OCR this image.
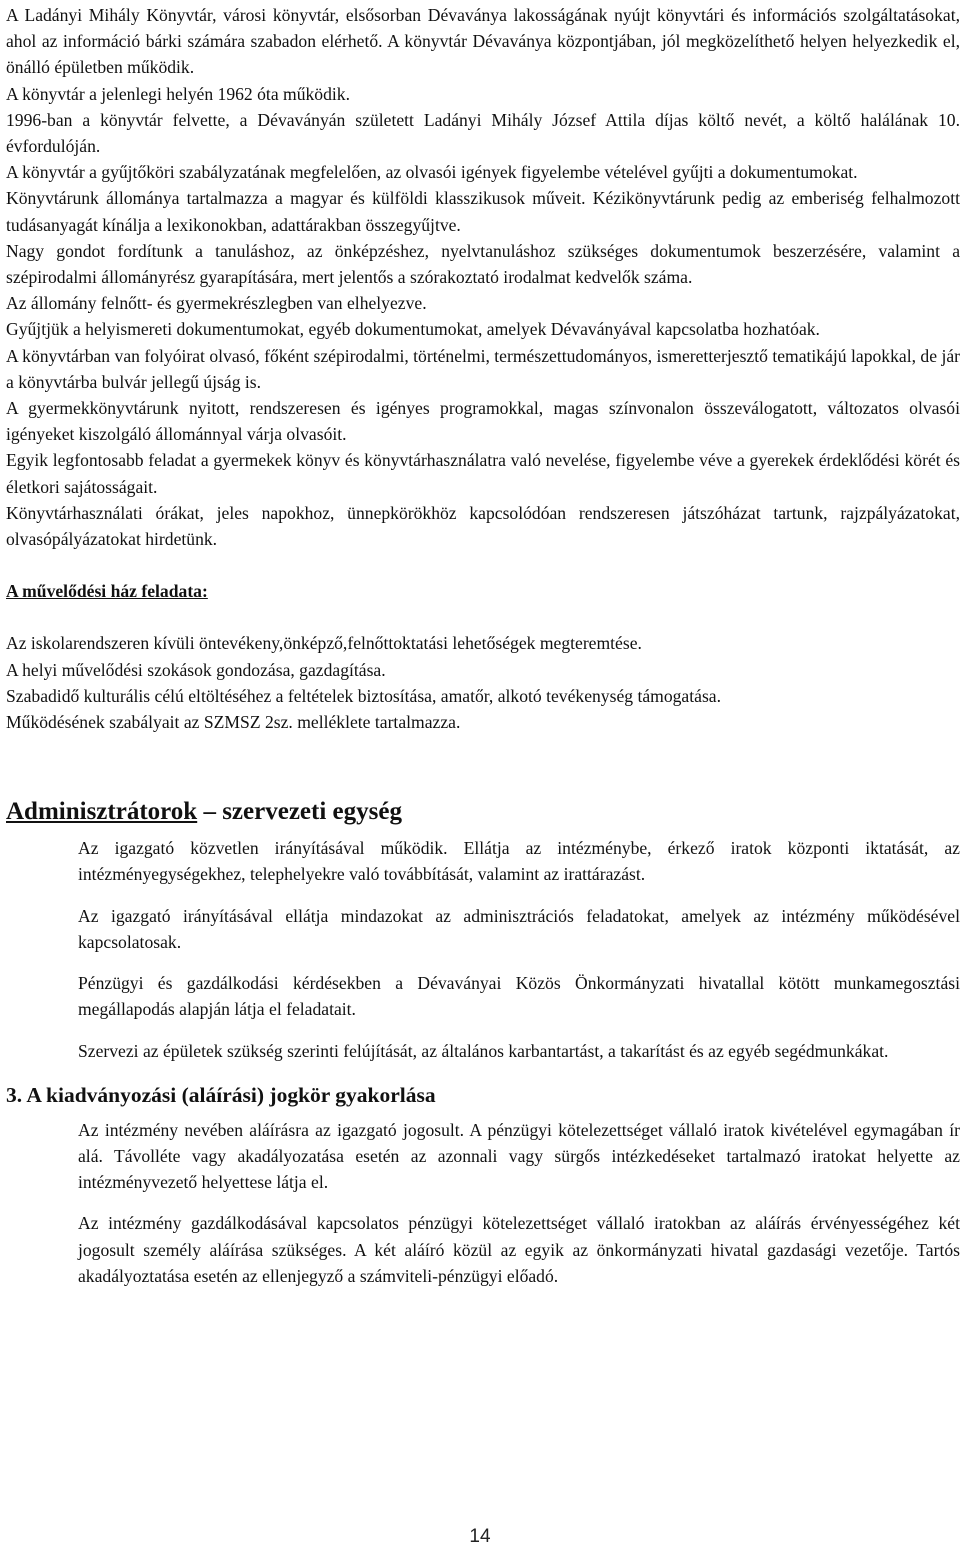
A Ladányi Mihály Könyvtár, városi könyvtár, elsősorban Dévaványa lakosságának nyújt könyvtári és információs szolgáltatásokat, ahol az információ bárki számára szabadon elérhető. A könyvtár Dévaványa központjában, jól megközelíthető helyen helyezkedik el, önálló épületben működik.

A könyvtár a jelenlegi helyén 1962 óta működik.

1996-ban a könyvtár felvette, a Dévaványán született Ladányi Mihály József Attila díjas költő nevét, a költő halálának 10. évfordulóján.

A könyvtár a gyűjtőköri szabályzatának megfelelően, az olvasói igények figyelembe vételével gyűjti a dokumentumokat.

Könyvtárunk állománya tartalmazza a magyar és külföldi klasszikusok műveit. Kézikönyvtárunk pedig az emberiség felhalmozott tudásanyagát kínálja a lexikonokban, adattárakban összegyűjtve.

Nagy gondot fordítunk a tanuláshoz, az önképzéshez, nyelvtanuláshoz szükséges dokumentumok beszerzésére, valamint a szépirodalmi állományrész gyarapítására, mert jelentős a szórakoztató irodalmat kedvelők száma.

Az állomány felnőtt- és gyermekrészlegben van elhelyezve.

Gyűjtjük a helyismereti dokumentumokat, egyéb dokumentumokat, amelyek Dévaványával kapcsolatba hozhatóak.

A könyvtárban van folyóirat olvasó, főként szépirodalmi, történelmi, természettudományos, ismeretterjesztő tematikájú lapokkal, de jár a könyvtárba bulvár jellegű újság is.

A gyermekkönyvtárunk nyitott, rendszeresen és igényes programokkal, magas színvonalon összeválogatott, változatos olvasói igényeket kiszolgáló állománnyal várja olvasóit.

Egyik legfontosabb feladat a gyermekek könyv és könyvtárhasználatra való nevelése, figyelembe véve a gyerekek érdeklődési körét és életkori sajátosságait.

Könyvtárhasználati órákat, jeles napokhoz, ünnepkörökhöz kapcsolódóan rendszeresen játszóházat tartunk, rajzpályázatokat, olvasópályázatokat hirdetünk.

A művelődési ház feladata:

Az iskolarendszeren kívüli öntevékeny,önképző,felnőttoktatási lehetőségek megteremtése.

A helyi művelődési szokások gondozása, gazdagítása.

Szabadidő kulturális célú eltöltéséhez a feltételek biztosítása, amatőr, alkotó tevékenység támogatása.

Működésének szabályait az SZMSZ 2sz. melléklete tartalmazza.

Adminisztrátorok – szervezeti egység

Az igazgató közvetlen irányításával működik. Ellátja az intézménybe, érkező iratok központi iktatását, az intézményegységekhez, telephelyekre való továbbítását, valamint az irattárazást.

Az igazgató irányításával ellátja mindazokat az adminisztrációs feladatokat, amelyek az intézmény működésével kapcsolatosak.

Pénzügyi és gazdálkodási kérdésekben a Dévaványai Közös Önkormányzati hivatallal kötött munkamegosztási megállapodás alapján látja el feladatait.

Szervezi az épületek szükség szerinti felújítását, az általános karbantartást, a takarítást és az egyéb segédmunkákat.

3. A kiadványozási (aláírási) jogkör gyakorlása

Az intézmény nevében aláírásra az igazgató jogosult. A pénzügyi kötelezettséget vállaló iratok kivételével egymagában ír alá. Távolléte vagy akadályozatása esetén az azonnali vagy sürgős intézkedéseket tartalmazó iratokat helyette az intézményvezető helyettese látja el.

Az intézmény gazdálkodásával kapcsolatos pénzügyi kötelezettséget vállaló iratokban az aláírás érvényességéhez két jogosult személy aláírása szükséges. A két aláíró közül az egyik az önkormányzati hivatal gazdasági vezetője. Tartós akadályoztatása esetén az ellenjegyző a számviteli-pénzügyi előadó.

14
